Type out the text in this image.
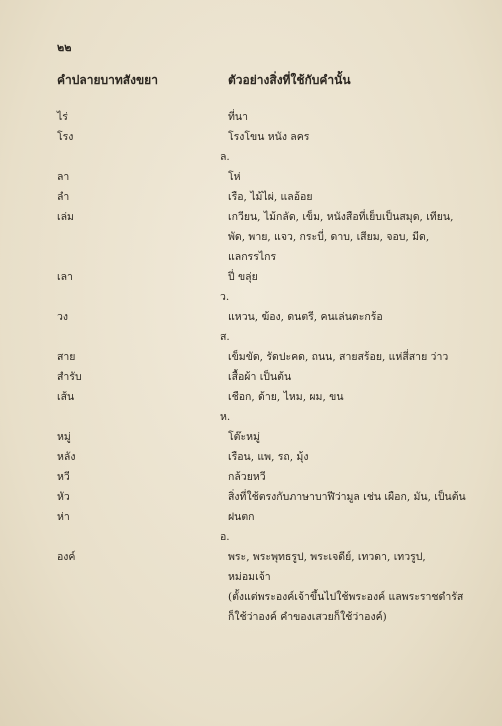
๒๒
คำปลายบาทสังขยา	ตัวอย่างสิ่งที่ใช้กับคำนั้น
ไร่	ที่นา
โรง	โรงโขน หนัง ลคร
ล.
ลา	โห่
ลำ	เรือ, ไม้ไผ่, แลอ้อย
เล่ม	เกวียน, ไม้กลัด, เข็ม, หนังสือที่เย็บเป็นสมุด, เทียน,
พัด, พาย, แจว, กระบี่, ดาบ, เสียม, จอบ, มีด,
แลกรรไกร
เลา	ปี่ ขลุ่ย
ว.
วง	แหวน, ฆ้อง, ดนตรี, คนเล่นตะกร้อ
ส.
สาย	เข็มขัด, รัดปะคด, ถนน, สายสร้อย, แห่สี่สาย ว่าว
สำรับ	เสื้อผ้า เป็นต้น
เส้น	เชือก, ด้าย, ไหม, ผม, ขน
ห.
หมู่	โต๊ะหมู่
หลัง	เรือน, แพ, รถ, มุ้ง
หวี	กล้วยหวี
หัว	สิ่งที่ใช้ตรงกับภาษาบาฬีว่ามูล เช่น เผือก, มัน, เป็นต้น
ห่า	ฝนตก
อ.
องค์	พระ, พระพุทธรูป, พระเจดีย์, เทวดา, เทวรูป,
หม่อมเจ้า
(ตั้งแต่พระองค์เจ้าขึ้นไปใช้พระองค์ แลพระราชดำรัส
ก็ใช้ว่าองค์ คำของเสวยก็ใช้ว่าองค์)
